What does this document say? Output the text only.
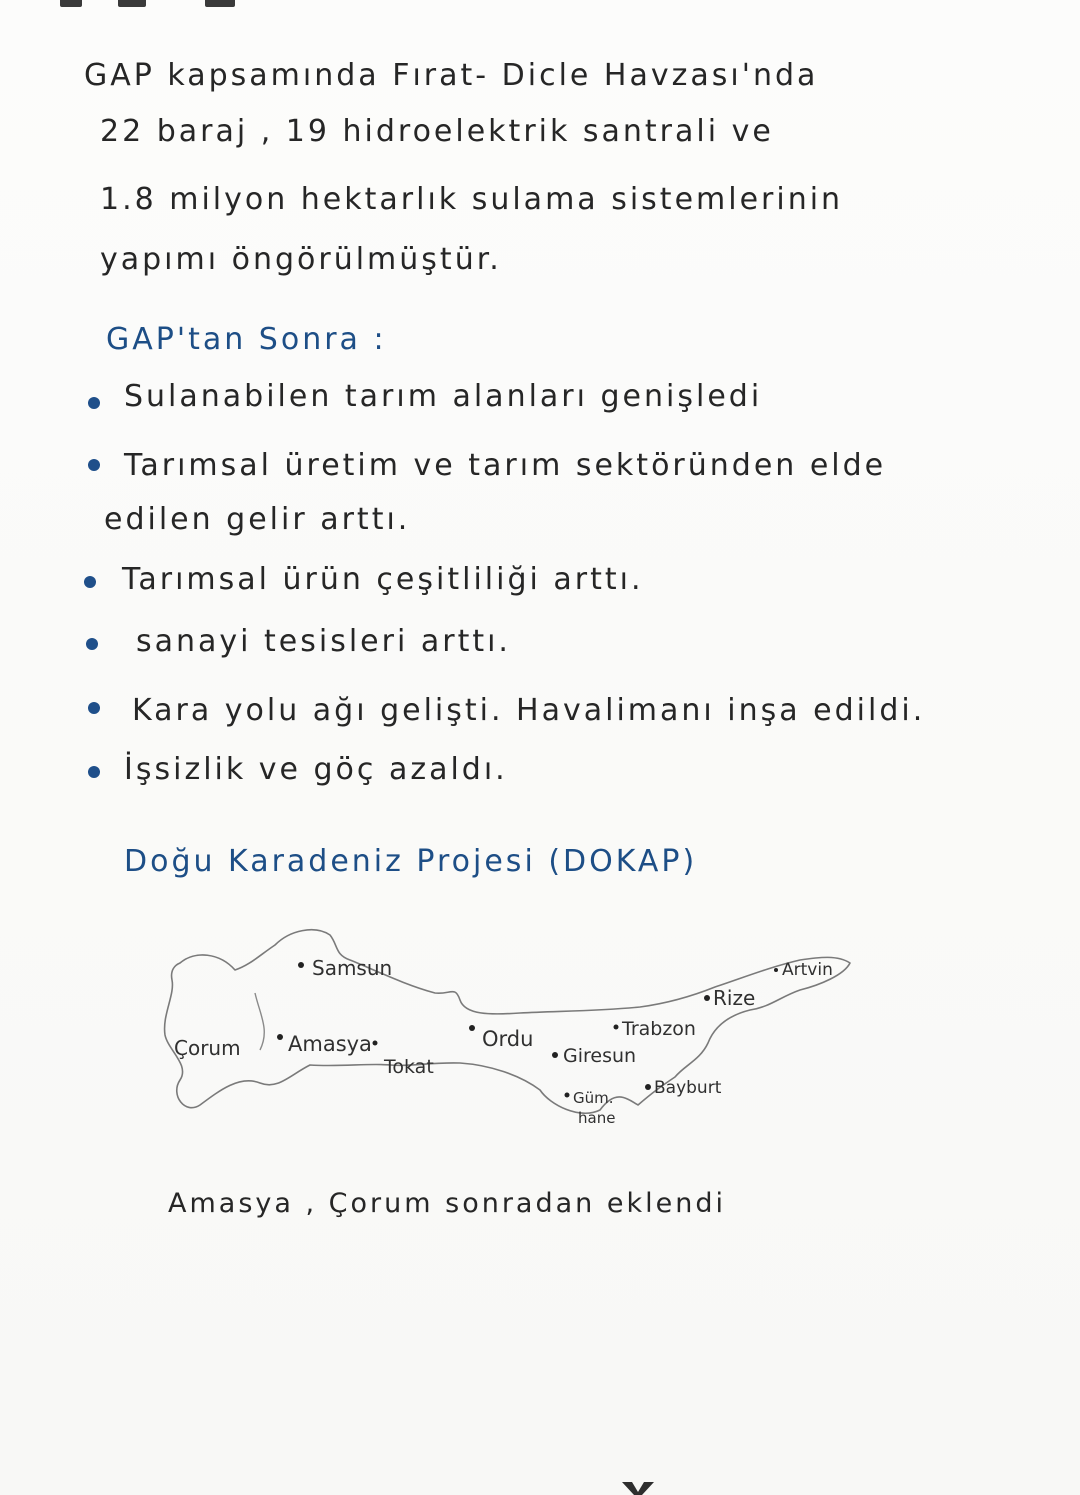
GAP kapsamında Fırat- Dicle Havzası'nda
22 baraj , 19 hidroelektrik santrali ve
1.8 milyon hektarlık sulama sistemlerinin
yapımı öngörülmüştür.
GAP'tan Sonra :
Sulanabilen tarım alanları genişledi
Tarımsal üretim ve tarım sektöründen elde
edilen gelir arttı.
Tarımsal ürün çeşitliliği arttı.
sanayi tesisleri arttı.
Kara yolu ağı gelişti. Havalimanı inşa edildi.
İşsizlik ve göç azaldı.
Doğu Karadeniz Projesi (DOKAP)
Samsun
Çorum Amasya
Tokat
Ordu
Giresun
Trabzon
Rize
Artvin
Güm.
hane
Bayburt
Amasya , Çorum sonradan eklendi
